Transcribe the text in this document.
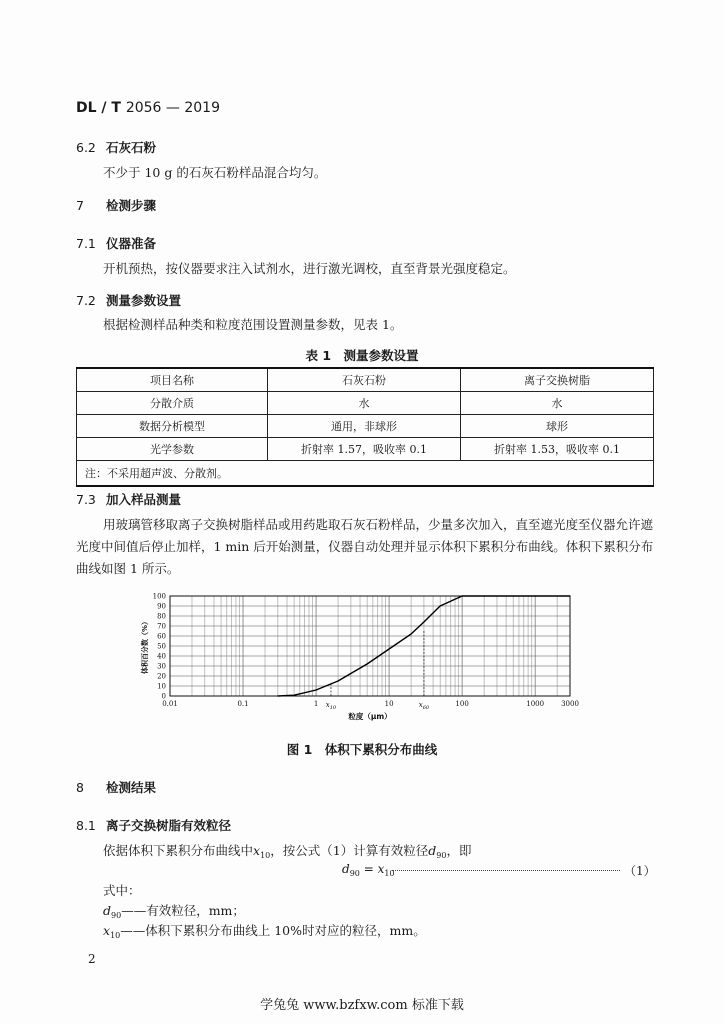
DL / T 2056 — 2019
6.2 石灰石粉
不少于 10 g 的石灰石粉样品混合均匀。
7 检测步骤
7.1 仪器准备
开机预热，按仪器要求注入试剂水，进行激光调校，直至背景光强度稳定。
7.2 测量参数设置
根据检测样品种类和粒度范围设置测量参数，见表 1。
表 1　测量参数设置
项目名称	石灰石粉	离子交换树脂
分散介质	水	水
数据分析模型	通用，非球形	球形
光学参数	折射率 1.57，吸收率 0.1	折射率 1.53，吸收率 0.1
注：不采用超声波、分散剂。		
7.3 加入样品测量
用玻璃管移取离子交换树脂样品或用药匙取石灰石粉样品，少量多次加入，直至遮光度至仪器允许遮光度中间值后停止加样，1 min 后开始测量，仪器自动处理并显示体积下累积分布曲线。体积下累积分布曲线如图 1 所示。
0
10
20
30
40
50
60
70
80
90
100
0.01	0.1	1	10	100	1000 3000
$x_{10}$	$x_{60}$
粒度（μm）
体积百分数（%）
图 1　体积下累积分布曲线
8 检测结果
8.1 离子交换树脂有效粒径
依据体积下累积分布曲线中$x_{10}$，按公式（1）计算有效粒径$d_{90}$，即
$d_{90} = x_{10}$	（1）
式中：
$d_{90}——$有效粒径，mm；
$x_{10}——$体积下累积分布曲线上 10%时对应的粒径，mm。
2
学兔兔 www.bzfxw.com 标准下载
